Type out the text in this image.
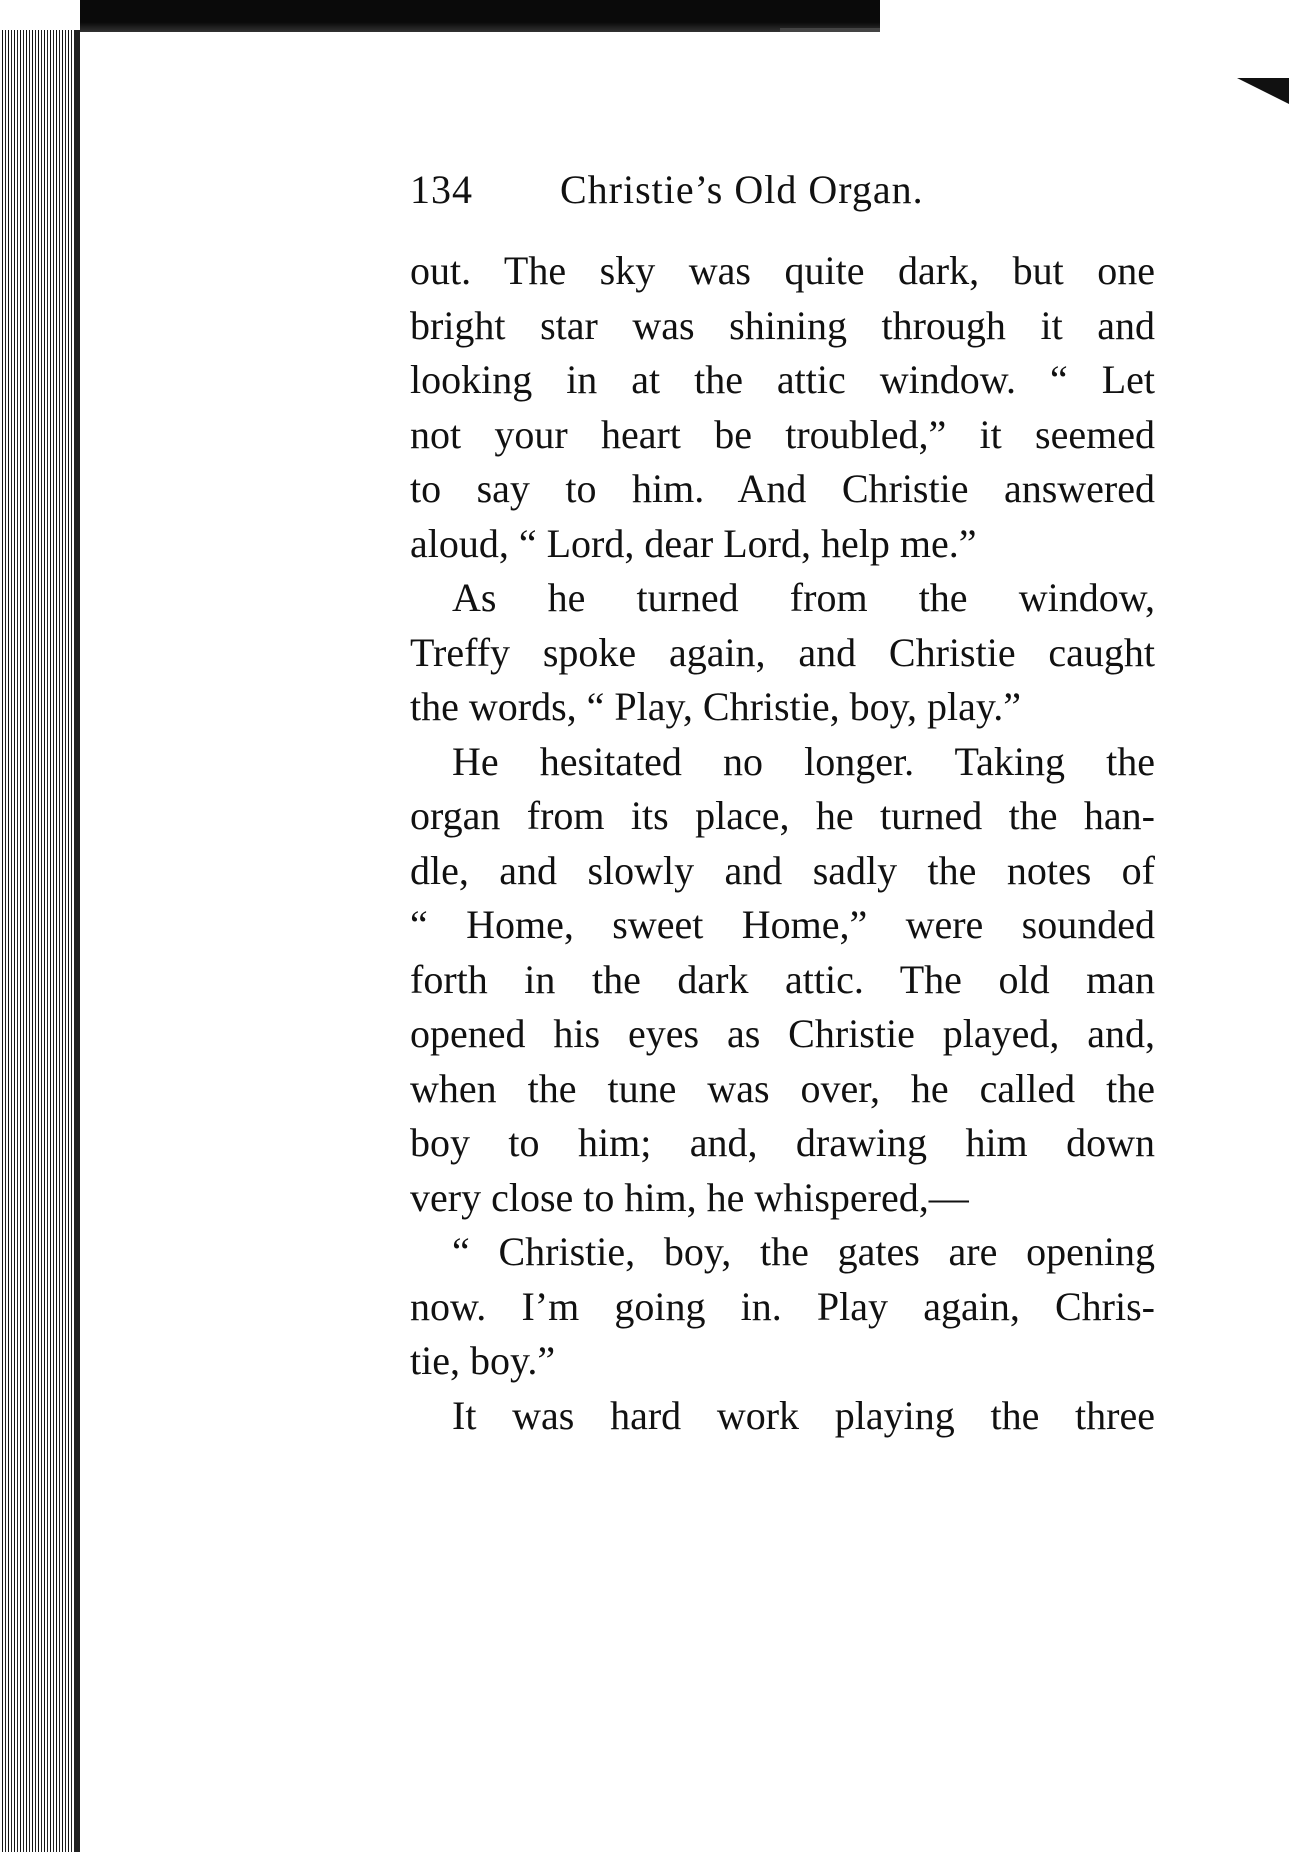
134	Christie’s Old Organ.

out. The sky was quite dark, but one
bright star was shining through it and
looking in at the attic window. “ Let
not your heart be troubled,” it seemed
to say to him. And Christie answered
aloud, “ Lord, dear Lord, help me.”

As he turned from the window,
Treffy spoke again, and Christie caught
the words, “ Play, Christie, boy, play.”

He hesitated no longer. Taking the
organ from its place, he turned the han-
dle, and slowly and sadly the notes of
“ Home, sweet Home,” were sounded
forth in the dark attic. The old man
opened his eyes as Christie played, and,
when the tune was over, he called the
boy to him; and, drawing him down
very close to him, he whispered,—

“ Christie, boy, the gates are opening
now. I’m going in. Play again, Chris-
tie, boy.”

It was hard work playing the three
